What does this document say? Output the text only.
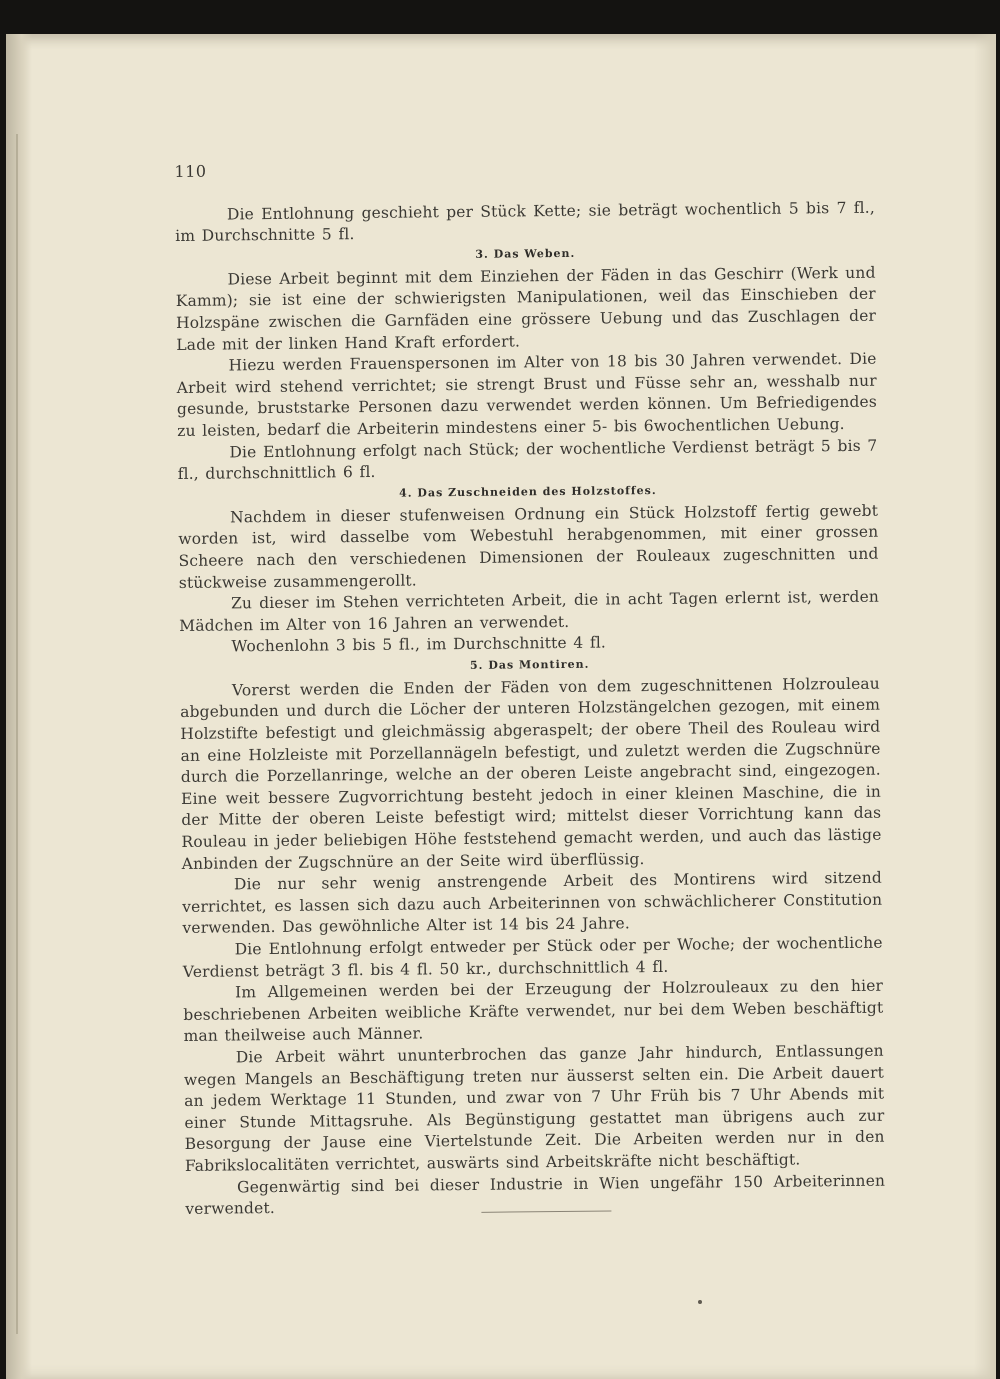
110

Die Entlohnung geschieht per Stück Kette; sie beträgt wochentlich 5 bis 7 fl., im Durchschnitte 5 fl.

3. Das Weben.

Diese Arbeit beginnt mit dem Einziehen der Fäden in das Geschirr (Werk und Kamm); sie ist eine der schwierigsten Manipulationen, weil das Einschieben der Holzspäne zwischen die Garnfäden eine grössere Uebung und das Zuschlagen der Lade mit der linken Hand Kraft erfordert.

Hiezu werden Frauenspersonen im Alter von 18 bis 30 Jahren verwendet. Die Arbeit wird stehend verrichtet; sie strengt Brust und Füsse sehr an, wesshalb nur gesunde, bruststarke Personen dazu verwendet werden können. Um Befriedigendes zu leisten, bedarf die Arbeiterin mindestens einer 5- bis 6wochentlichen Uebung.

Die Entlohnung erfolgt nach Stück; der wochentliche Verdienst beträgt 5 bis 7 fl., durchschnittlich 6 fl.

4. Das Zuschneiden des Holzstoffes.

Nachdem in dieser stufenweisen Ordnung ein Stück Holzstoff fertig gewebt worden ist, wird dasselbe vom Webestuhl herabgenommen, mit einer grossen Scheere nach den verschiedenen Dimensionen der Rouleaux zugeschnitten und stückweise zusammengerollt.

Zu dieser im Stehen verrichteten Arbeit, die in acht Tagen erlernt ist, werden Mädchen im Alter von 16 Jahren an verwendet.

Wochenlohn 3 bis 5 fl., im Durchschnitte 4 fl.

5. Das Montiren.

Vorerst werden die Enden der Fäden von dem zugeschnittenen Holzrouleau abgebunden und durch die Löcher der unteren Holzstängelchen gezogen, mit einem Holzstifte befestigt und gleichmässig abgeraspelt; der obere Theil des Rouleau wird an eine Holzleiste mit Porzellannägeln befestigt, und zuletzt werden die Zugschnüre durch die Porzellanringe, welche an der oberen Leiste angebracht sind, eingezogen. Eine weit bessere Zugvorrichtung besteht jedoch in einer kleinen Maschine, die in der Mitte der oberen Leiste befestigt wird; mittelst dieser Vorrichtung kann das Rouleau in jeder beliebigen Höhe feststehend gemacht werden, und auch das lästige Anbinden der Zugschnüre an der Seite wird überflüssig.

Die nur sehr wenig anstrengende Arbeit des Montirens wird sitzend verrichtet, es lassen sich dazu auch Arbeiterinnen von schwächlicherer Constitution verwenden. Das gewöhnliche Alter ist 14 bis 24 Jahre.

Die Entlohnung erfolgt entweder per Stück oder per Woche; der wochentliche Verdienst beträgt 3 fl. bis 4 fl. 50 kr., durchschnittlich 4 fl.

Im Allgemeinen werden bei der Erzeugung der Holzrouleaux zu den hier beschriebenen Arbeiten weibliche Kräfte verwendet, nur bei dem Weben beschäftigt man theilweise auch Männer.

Die Arbeit währt ununterbrochen das ganze Jahr hindurch, Entlassungen wegen Mangels an Beschäftigung treten nur äusserst selten ein. Die Arbeit dauert an jedem Werktage 11 Stunden, und zwar von 7 Uhr Früh bis 7 Uhr Abends mit einer Stunde Mittagsruhe. Als Begünstigung gestattet man übrigens auch zur Besorgung der Jause eine Viertelstunde Zeit. Die Arbeiten werden nur in den Fabrikslocalitäten verrichtet, auswärts sind Arbeitskräfte nicht beschäftigt.

Gegenwärtig sind bei dieser Industrie in Wien ungefähr 150 Arbeiterinnen verwendet.
